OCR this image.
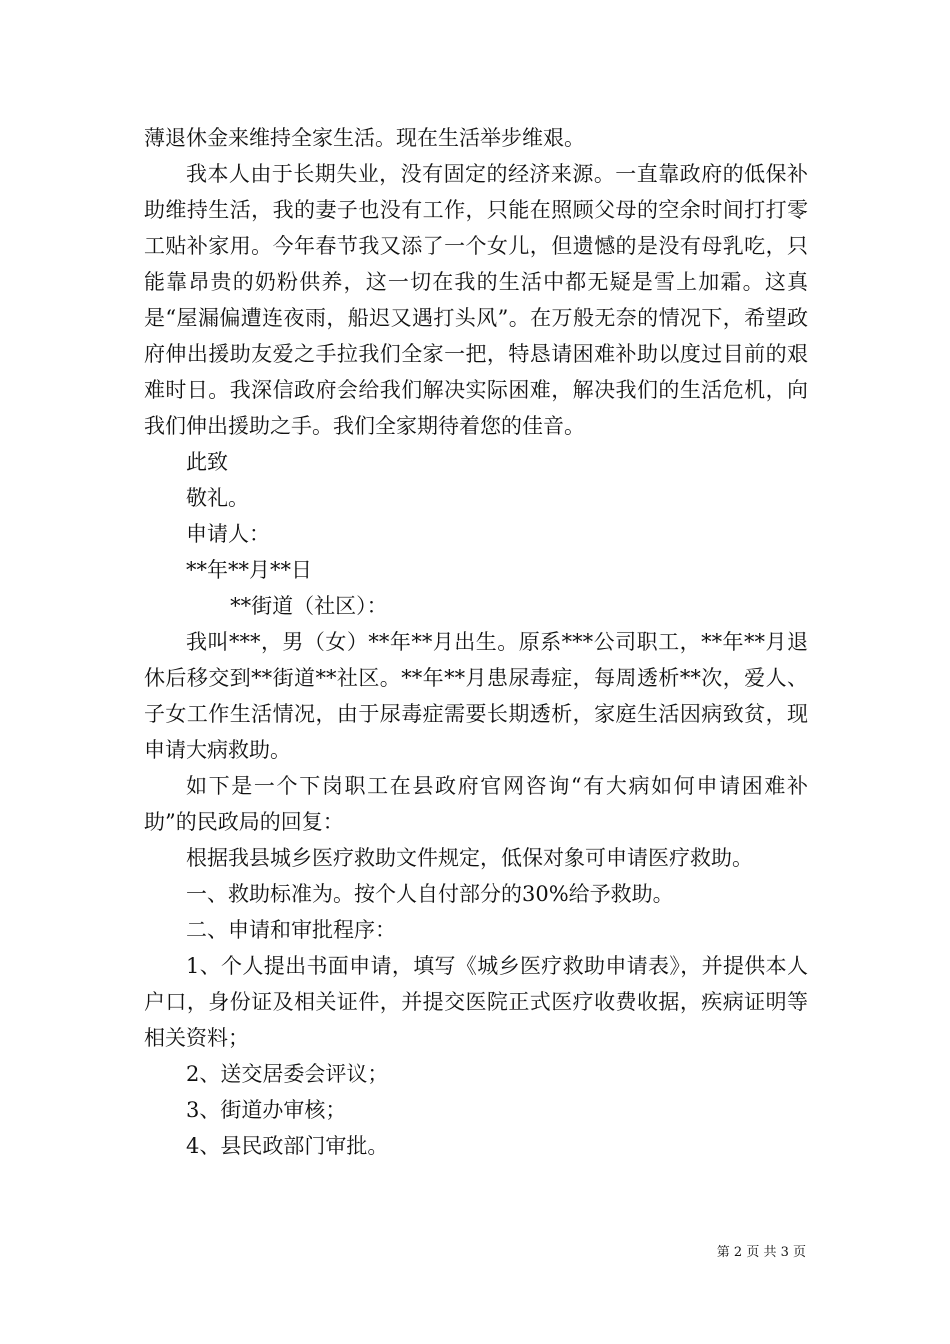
薄退休金来维持全家生活。现在生活举步维艰。

我本人由于长期失业，没有固定的经济来源。一直靠政府的低保补助维持生活，我的妻子也没有工作，只能在照顾父母的空余时间打打零工贴补家用。今年春节我又添了一个女儿，但遗憾的是没有母乳吃，只能靠昂贵的奶粉供养，这一切在我的生活中都无疑是雪上加霜。这真是“屋漏偏遭连夜雨，船迟又遇打头风”。在万般无奈的情况下，希望政府伸出援助友爱之手拉我们全家一把，特恳请困难补助以度过目前的艰难时日。我深信政府会给我们解决实际困难，解决我们的生活危机，向我们伸出援助之手。我们全家期待着您的佳音。

此致

敬礼。

申请人：

**年**月**日

**街道（社区）：

我叫***，男（女）**年**月出生。原系***公司职工，**年**月退休后移交到**街道**社区。**年**月患尿毒症，每周透析**次，爱人、子女工作生活情况，由于尿毒症需要长期透析，家庭生活因病致贫，现申请大病救助。

如下是一个下岗职工在县政府官网咨询“有大病如何申请困难补助”的民政局的回复：

根据我县城乡医疗救助文件规定，低保对象可申请医疗救助。

一、救助标准为。按个人自付部分的30%给予救助。

二、申请和审批程序：

1、个人提出书面申请，填写《城乡医疗救助申请表》，并提供本人户口，身份证及相关证件，并提交医院正式医疗收费收据，疾病证明等相关资料；

2、送交居委会评议；

3、街道办审核；

4、县民政部门审批。

第 2 页 共 3 页
